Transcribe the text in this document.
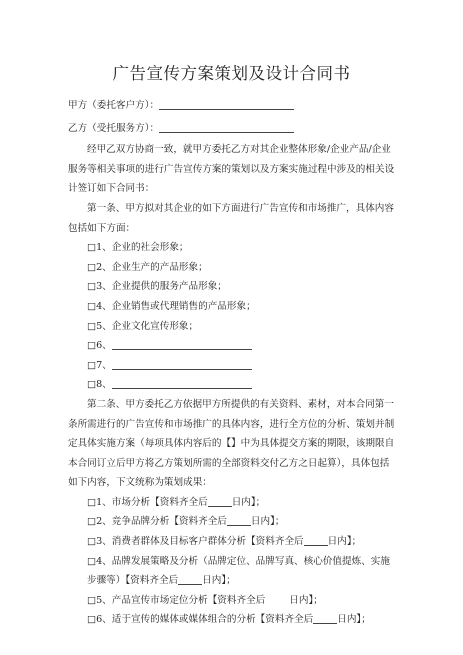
广告宣传方案策划及设计合同书
甲方（委托客户方）：
乙方（受托服务方）：
经甲乙双方协商一致，就甲方委托乙方对其企业整体形象/企业产品/企业服务等相关事项的进行广告宣传方案的策划以及方案实施过程中涉及的相关设计签订如下合同书：
第一条、甲方拟对其企业的如下方面进行广告宣传和市场推广，具体内容包括如下方面：
□1、企业的社会形象；
□2、企业生产的产品形象；
□3、企业提供的服务产品形象；
□4、企业销售或代理销售的产品形象；
□5、企业文化宣传形象；
□6、
□7、
□8、
第二条、甲方委托乙方依据甲方所提供的有关资料、素材，对本合同第一条所需进行的广告宣传和市场推广的具体内容，进行全方位的分析、策划并制定具体实施方案（每项具体内容后的【】中为具体提交方案的期限，该期限自本合同订立后甲方将乙方策划所需的全部资料交付乙方之日起算），具体包括如下内容，下文统称为策划成果：
□1、市场分析【资料齐全后	日内】；
□2、竞争品牌分析【资料齐全后	日内】；
□3、消费者群体及目标客户群体分析【资料齐全后	日内】；
□4、品牌发展策略及分析（品牌定位、品牌写真、核心价值提炼、实施步骤等）【资料齐全后	日内】；
□5、产品宣传市场定位分析【资料齐全后	日内】；
□6、适于宣传的媒体或媒体组合的分析【资料齐全后	日内】；
